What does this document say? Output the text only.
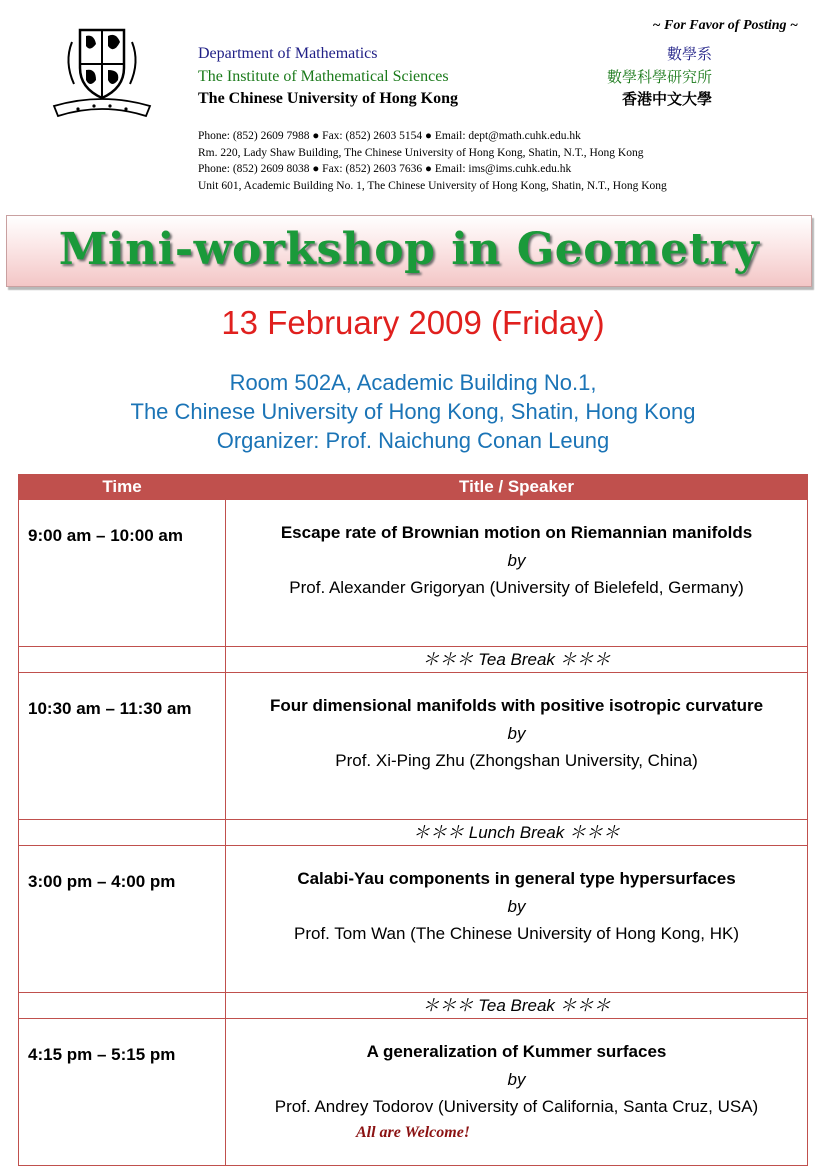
~ For Favor of Posting ~
Department of Mathematics
The Institute of Mathematical Sciences
The Chinese University of Hong Kong
數學系
數學科學研究所
香港中文大學
Phone: (852) 2609 7988 ● Fax: (852) 2603 5154 ● Email: dept@math.cuhk.edu.hk
Rm. 220, Lady Shaw Building, The Chinese University of Hong Kong, Shatin, N.T., Hong Kong
Phone: (852) 2609 8038 ● Fax: (852) 2603 7636 ● Email: ims@ims.cuhk.edu.hk
Unit 601, Academic Building No. 1, The Chinese University of Hong Kong, Shatin, N.T., Hong Kong
Mini-workshop in Geometry
13 February 2009 (Friday)
Room 502A, Academic Building No.1,
The Chinese University of Hong Kong, Shatin, Hong Kong
Organizer: Prof. Naichung Conan Leung
Time	Title / Speaker
9:00 am – 10:00 am	Escape rate of Brownian motion on Riemannian manifolds
by
Prof. Alexander Grigoryan (University of Bielefeld, Germany)

	＊＊＊ Tea Break ＊＊＊
10:30 am – 11:30 am	Four dimensional manifolds with positive isotropic curvature
by
Prof. Xi-Ping Zhu (Zhongshan University, China)

	＊＊＊ Lunch Break ＊＊＊
3:00 pm – 4:00 pm	Calabi-Yau components in general type hypersurfaces
by
Prof. Tom Wan (The Chinese University of Hong Kong, HK)

	＊＊＊ Tea Break ＊＊＊
4:15 pm – 5:15 pm	A generalization of Kummer surfaces
by
Prof. Andrey Todorov (University of California, Santa Cruz, USA)
All are Welcome!
